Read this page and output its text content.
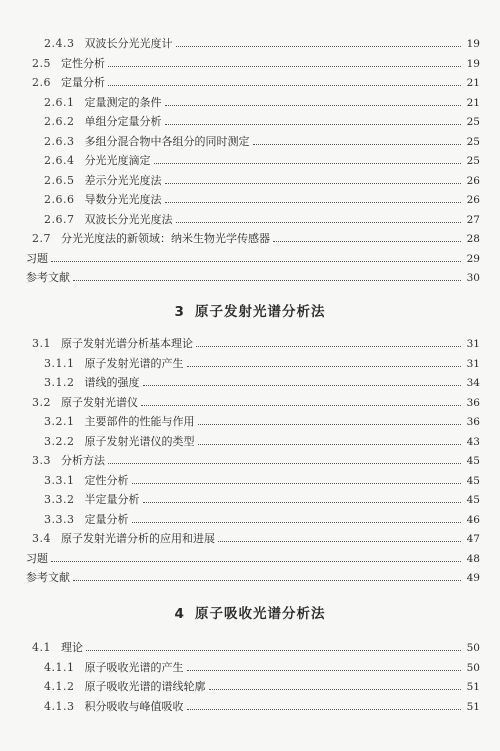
2.4.3 双波长分光光度计	19
2.5 定性分析	19
2.6 定量分析	21
2.6.1 定量测定的条件	21
2.6.2 单组分定量分析	25
2.6.3 多组分混合物中各组分的同时测定	25
2.6.4 分光光度滴定	25
2.6.5 差示分光光度法	26
2.6.6 导数分光光度法	26
2.6.7 双波长分光光度法	27
2.7 分光光度法的新领域：纳米生物光学传感器	28
习题	29
参考文献	30
3 原子发射光谱分析法
3.1 原子发射光谱分析基本理论	31
3.1.1 原子发射光谱的产生	31
3.1.2 谱线的强度	34
3.2 原子发射光谱仪	36
3.2.1 主要部件的性能与作用	36
3.2.2 原子发射光谱仪的类型	43
3.3 分析方法	45
3.3.1 定性分析	45
3.3.2 半定量分析	45
3.3.3 定量分析	46
3.4 原子发射光谱分析的应用和进展	47
习题	48
参考文献	49
4 原子吸收光谱分析法
4.1 理论	50
4.1.1 原子吸收光谱的产生	50
4.1.2 原子吸收光谱的谱线轮廓	51
4.1.3 积分吸收与峰值吸收	51
